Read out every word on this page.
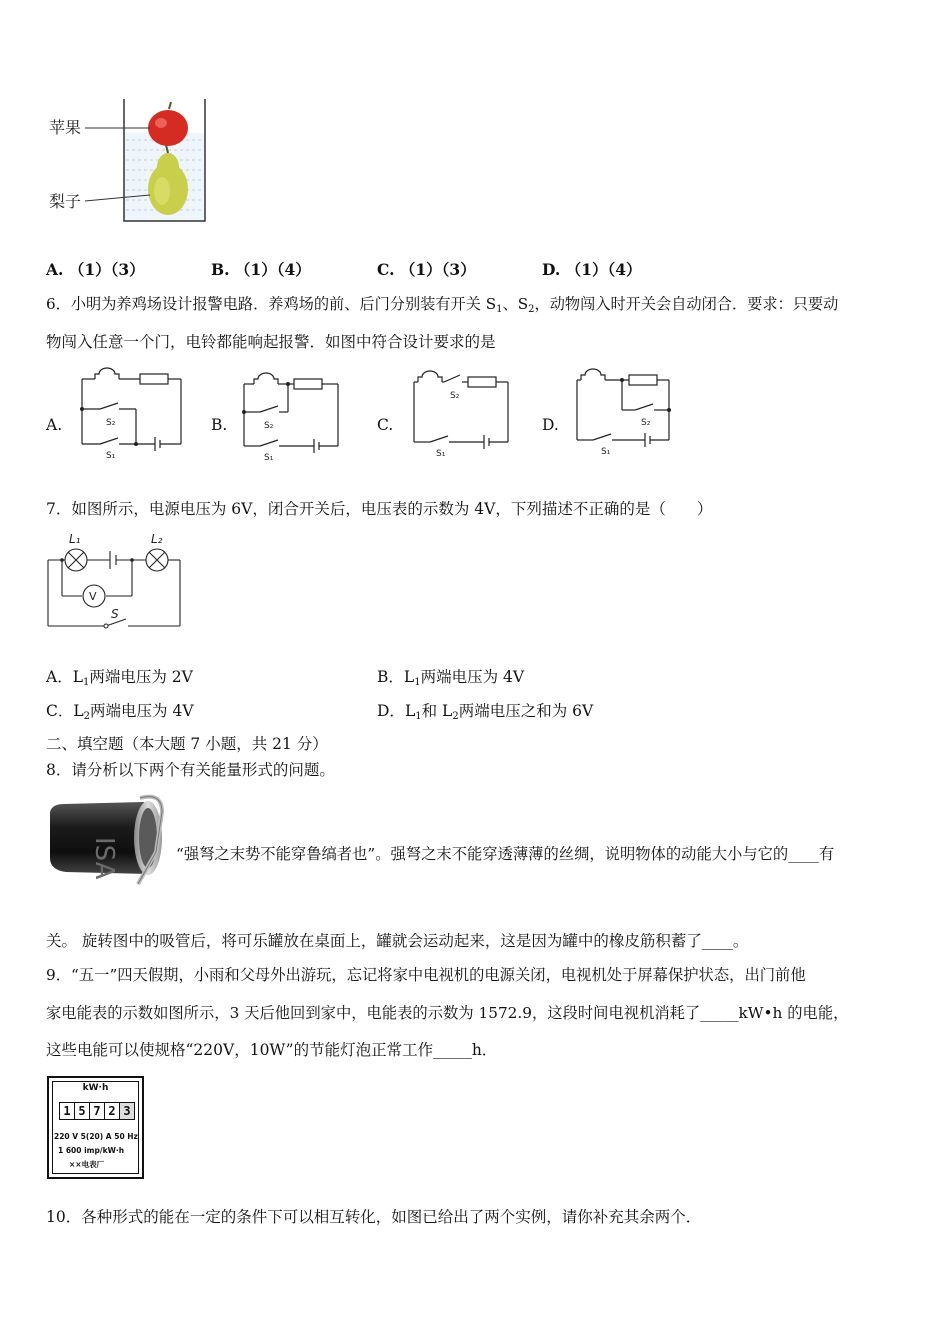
苹果
梨子
A. （1）（3）	B. （1）（4）	C. （1）（3）	D. （1）（4）
6．小明为养鸡场设计报警电路．养鸡场的前、后门分别装有开关 $S_1$、$S_2$，动物闯入时开关会自动闭合．要求：只要动
物闯入任意一个门，电铃都能响起报警．如图中符合设计要求的是
A.	S₂
S₁
B.	S₂
S₁
C.
S₂
S₁
D.	S₂
S₁
7．如图所示，电源电压为 6V，闭合开关后，电压表的示数为 4V，下列描述不正确的是（　　）
L₁	L₂
V
S
A．$L_1$两端电压为 2V	B．$L_1$两端电压为 4V
C．$L_2$两端电压为 4V	D．$L_1$和 $L_2$两端电压之和为 6V
二、填空题（本大题 7 小题，共 21 分）
8．请分析以下两个有关能量形式的问题。
ISA	“强弩之末势不能穿鲁缟者也”。强弩之末不能穿透薄薄的丝绸，说明物体的动能大小与它的____有
关。 旋转图中的吸管后，将可乐罐放在桌面上，罐就会运动起来，这是因为罐中的橡皮筋积蓄了____。
9．“五一”四天假期，小雨和父母外出游玩，忘记将家中电视机的电源关闭，电视机处于屏幕保护状态，出门前他
家电能表的示数如图所示，3 天后他回到家中，电能表的示数为 1572.9，这段时间电视机消耗了_____kW•h 的电能，
这些电能可以使规格“220V，10W”的节能灯泡正常工作_____h．
kW·h
1 5 7 2 3
220 V 5(20) A 50 Hz
1 600 imp/kW·h
××电表厂
10．各种形式的能在一定的条件下可以相互转化，如图已给出了两个实例，请你补充其余两个．
